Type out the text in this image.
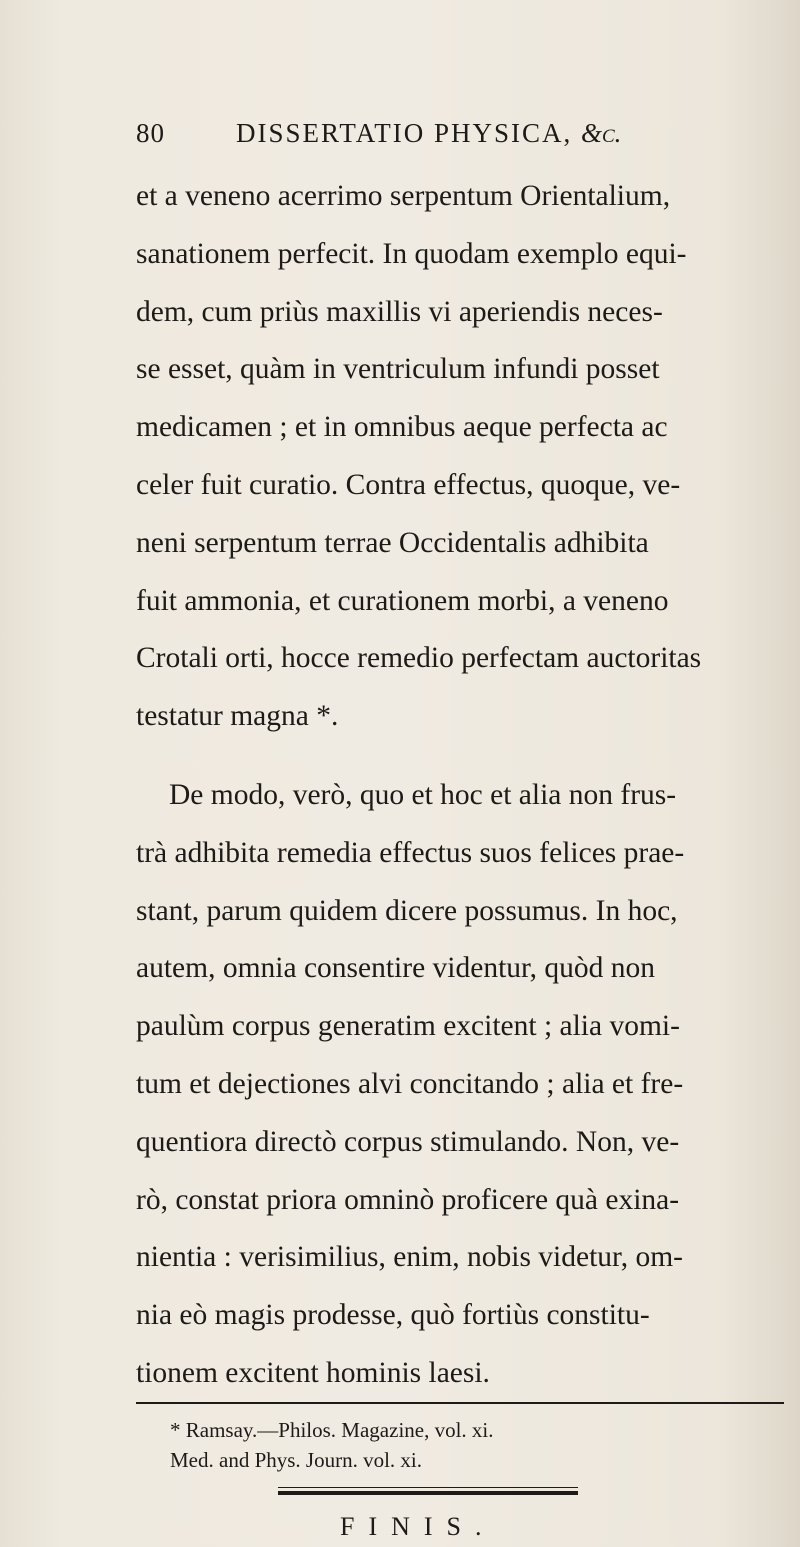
80	DISSERTATIO PHYSICA, &c.
et a veneno acerrimo serpentum Orientalium,
sanationem perfecit. In quodam exemplo equi-
dem, cum priùs maxillis vi aperiendis neces-
se esset, quàm in ventriculum infundi posset
medicamen ; et in omnibus aeque perfecta ac
celer fuit curatio. Contra effectus, quoque, ve-
neni serpentum terrae Occidentalis adhibita
fuit ammonia, et curationem morbi, a veneno
Crotali orti, hocce remedio perfectam auctoritas
testatur magna *.
De modo, verò, quo et hoc et alia non frus-
trà adhibita remedia effectus suos felices prae-
stant, parum quidem dicere possumus. In hoc,
autem, omnia consentire videntur, quòd non
paulùm corpus generatim excitent ; alia vomi-
tum et dejectiones alvi concitando ; alia et fre-
quentiora directò corpus stimulando. Non, ve-
rò, constat priora omninò proficere quà exina-
nientia : verisimilius, enim, nobis videtur, om-
nia eò magis prodesse, quò fortiùs constitu-
tionem excitent hominis laesi.
* Ramsay.—Philos. Magazine, vol. xi.
Med. and Phys. Journ. vol. xi.
FINIS.
